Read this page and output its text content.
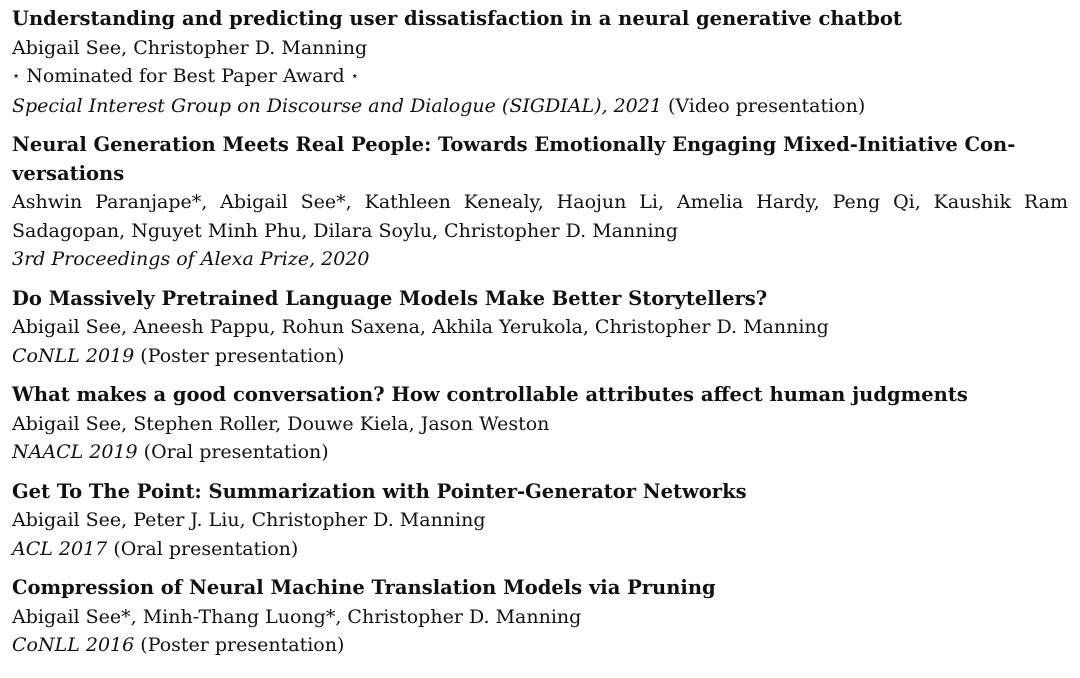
Understanding and predicting user dissatisfaction in a neural generative chatbot
Abigail See, Christopher D. Manning
⋆ Nominated for Best Paper Award ⋆
Special Interest Group on Discourse and Dialogue (SIGDIAL), 2021 (Video presentation)
Neural Generation Meets Real People: Towards Emotionally Engaging Mixed-Initiative Con-
versations
Ashwin Paranjape*, Abigail See*, Kathleen Kenealy, Haojun Li, Amelia Hardy, Peng Qi, Kaushik Ram Sadagopan, Nguyet Minh Phu, Dilara Soylu, Christopher D. Manning
3rd Proceedings of Alexa Prize, 2020
Do Massively Pretrained Language Models Make Better Storytellers?
Abigail See, Aneesh Pappu, Rohun Saxena, Akhila Yerukola, Christopher D. Manning
CoNLL 2019 (Poster presentation)
What makes a good conversation? How controllable attributes affect human judgments
Abigail See, Stephen Roller, Douwe Kiela, Jason Weston
NAACL 2019 (Oral presentation)
Get To The Point: Summarization with Pointer-Generator Networks
Abigail See, Peter J. Liu, Christopher D. Manning
ACL 2017 (Oral presentation)
Compression of Neural Machine Translation Models via Pruning
Abigail See*, Minh-Thang Luong*, Christopher D. Manning
CoNLL 2016 (Poster presentation)
